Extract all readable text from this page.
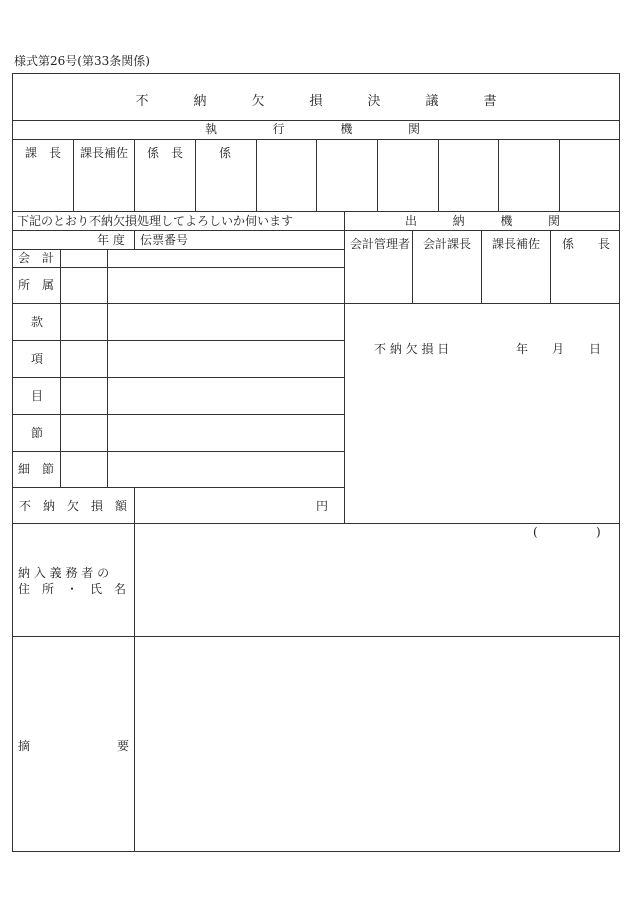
様式第26号(第33条関係)
不納欠損決議書
執	行	機	関
課　長 課長補佐 係　長	係
下記のとおり不納欠損処理してよろしいか伺います	出	納	機	関
会計管理者 会計課長 課長補佐 係　　長
年 度 伝票番号
会　計
所　属
款
項
目
節
細　節
不　納　欠　損　額	円
不 納 欠 損 日	年 月 日
(	)
納 入 義 務 者 の
住　所　・　氏　名
摘	要
